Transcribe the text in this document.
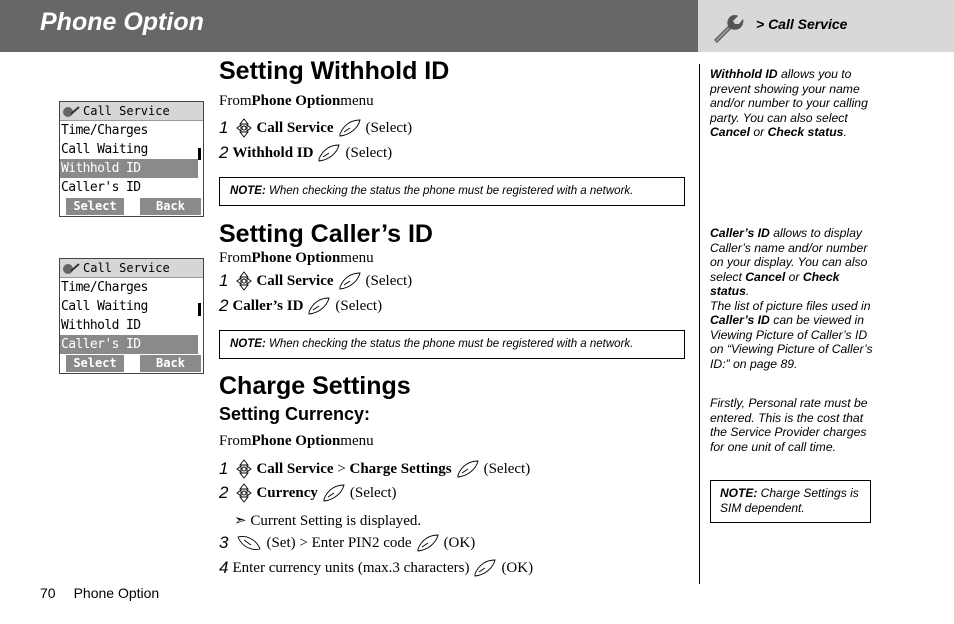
Phone Option	> Call Service
Call Service
Time/Charges
Call Waiting
Withhold ID
Caller's ID
Select	Back
Call Service
Time/Charges
Call Waiting
Withhold ID
Caller's ID
Select	Back
Setting Withhold ID
From Phone Option menu
1 Call Service (Select)
2 Withhold ID (Select)
NOTE: When checking the status the phone must be registered with a network.
Setting Caller’s ID
From Phone Option menu
1 Call Service (Select)
2 Caller’s ID (Select)
NOTE: When checking the status the phone must be registered with a network.
Charge Settings
Setting Currency:
From Phone Option menu
1 Call Service > Charge Settings (Select)
2 Currency (Select)
➣ Current Setting is displayed.
3	(Set) > Enter PIN2 code (OK)
4 Enter currency units (max.3 characters) (OK)
Withhold ID allows you to prevent showing your name and/or number to your calling party. You can also select Cancel or Check status.
Caller’s ID allows to display Caller’s name and/or number on your display. You can also select Cancel or Check status.
The list of picture files used in Caller’s ID can be viewed in Viewing Picture of Caller’s ID on “Viewing Picture of Caller’s ID:” on page 89.
Firstly, Personal rate must be entered. This is the cost that the Service Provider charges for one unit of call time.
NOTE: Charge Settings is SIM dependent.
70 Phone Option
